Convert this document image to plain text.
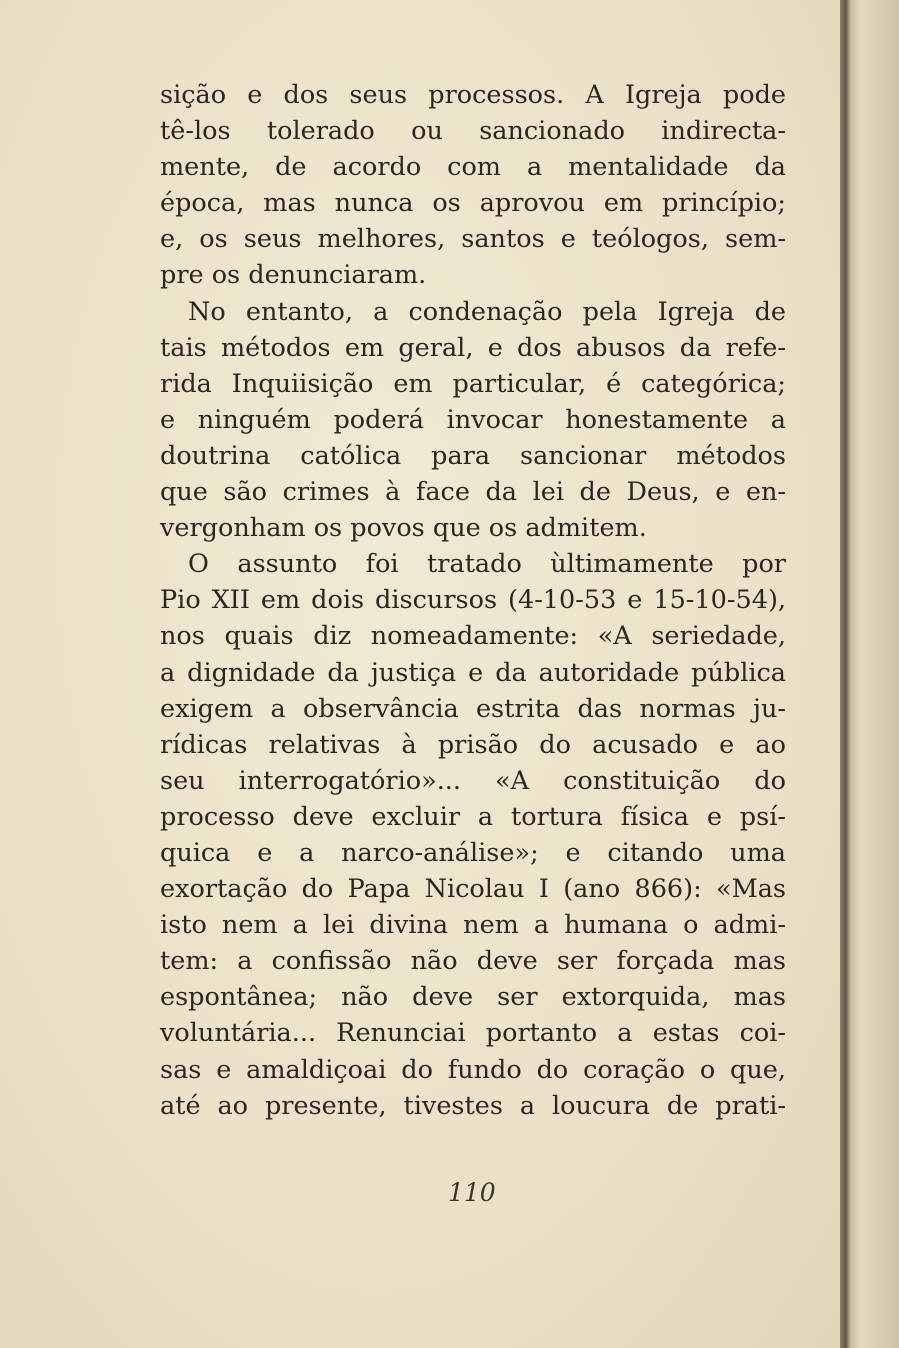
sição e dos seus processos. A Igreja pode
tê-los tolerado ou sancionado indirecta-
mente, de acordo com a mentalidade da
época, mas nunca os aprovou em princípio;
e, os seus melhores, santos e teólogos, sem-
pre os denunciaram.
No entanto, a condenação pela Igreja de
tais métodos em geral, e dos abusos da refe-
rida Inquiisição em particular, é categórica;
e ninguém poderá invocar honestamente a
doutrina católica para sancionar métodos
que são crimes à face da lei de Deus, e en-
vergonham os povos que os admitem.
O assunto foi tratado ùltimamente por
Pio XII em dois discursos (4-10-53 e 15-10-54),
nos quais diz nomeadamente: «A seriedade,
a dignidade da justiça e da autoridade pública
exigem a observância estrita das normas ju-
rídicas relativas à prisão do acusado e ao
seu interrogatório»... «A constituição do
processo deve excluir a tortura física e psí-
quica e a narco-análise»; e citando uma
exortação do Papa Nicolau I (ano 866): «Mas
isto nem a lei divina nem a humana o admi-
tem: a confissão não deve ser forçada mas
espontânea; não deve ser extorquida, mas
voluntária... Renunciai portanto a estas coi-
sas e amaldiçoai do fundo do coração o que,
até ao presente, tivestes a loucura de prati-
110
